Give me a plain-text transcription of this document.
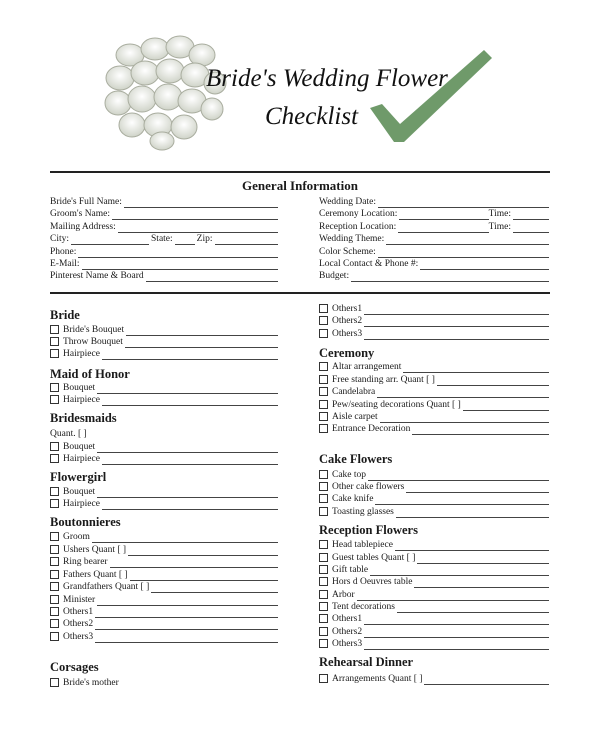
Bride's Wedding Flower
Checklist
General Information
Bride's Full Name:
Groom's Name:
Mailing Address:
City:	State:	Zip:
Phone:
E-Mail:
Pinterest Name & Board
Wedding Date:
Ceremony Location:	Time:
Reception Location:	Time:
Wedding Theme:
Color Scheme:
Local Contact & Phone #:
Budget:
Bride
Bride's Bouquet
Throw Bouquet
Hairpiece
Maid of Honor
Bouquet
Hairpiece
Bridesmaids
Quant. [ ]
Bouquet
Hairpiece
Flowergirl
Bouquet
Hairpiece
Boutonnieres
Groom
Ushers Quant [ ]
Ring bearer
Fathers Quant [ ]
Grandfathers Quant [ ]
Minister
Others1
Others2
Others3
Corsages
Bride's mother
Others1
Others2
Others3
Ceremony
Altar arrangement
Free standing arr. Quant [ ]
Candelabra
Pew/seating decorations Quant [ ]
Aisle carpet
Entrance Decoration
Cake Flowers
Cake top
Other cake flowers
Cake knife
Toasting glasses
Reception Flowers
Head tablepiece
Guest tables Quant [ ]
Gift table
Hors d Oeuvres table
Arbor
Tent decorations
Others1
Others2
Others3
Rehearsal Dinner
Arrangements Quant [ ]
